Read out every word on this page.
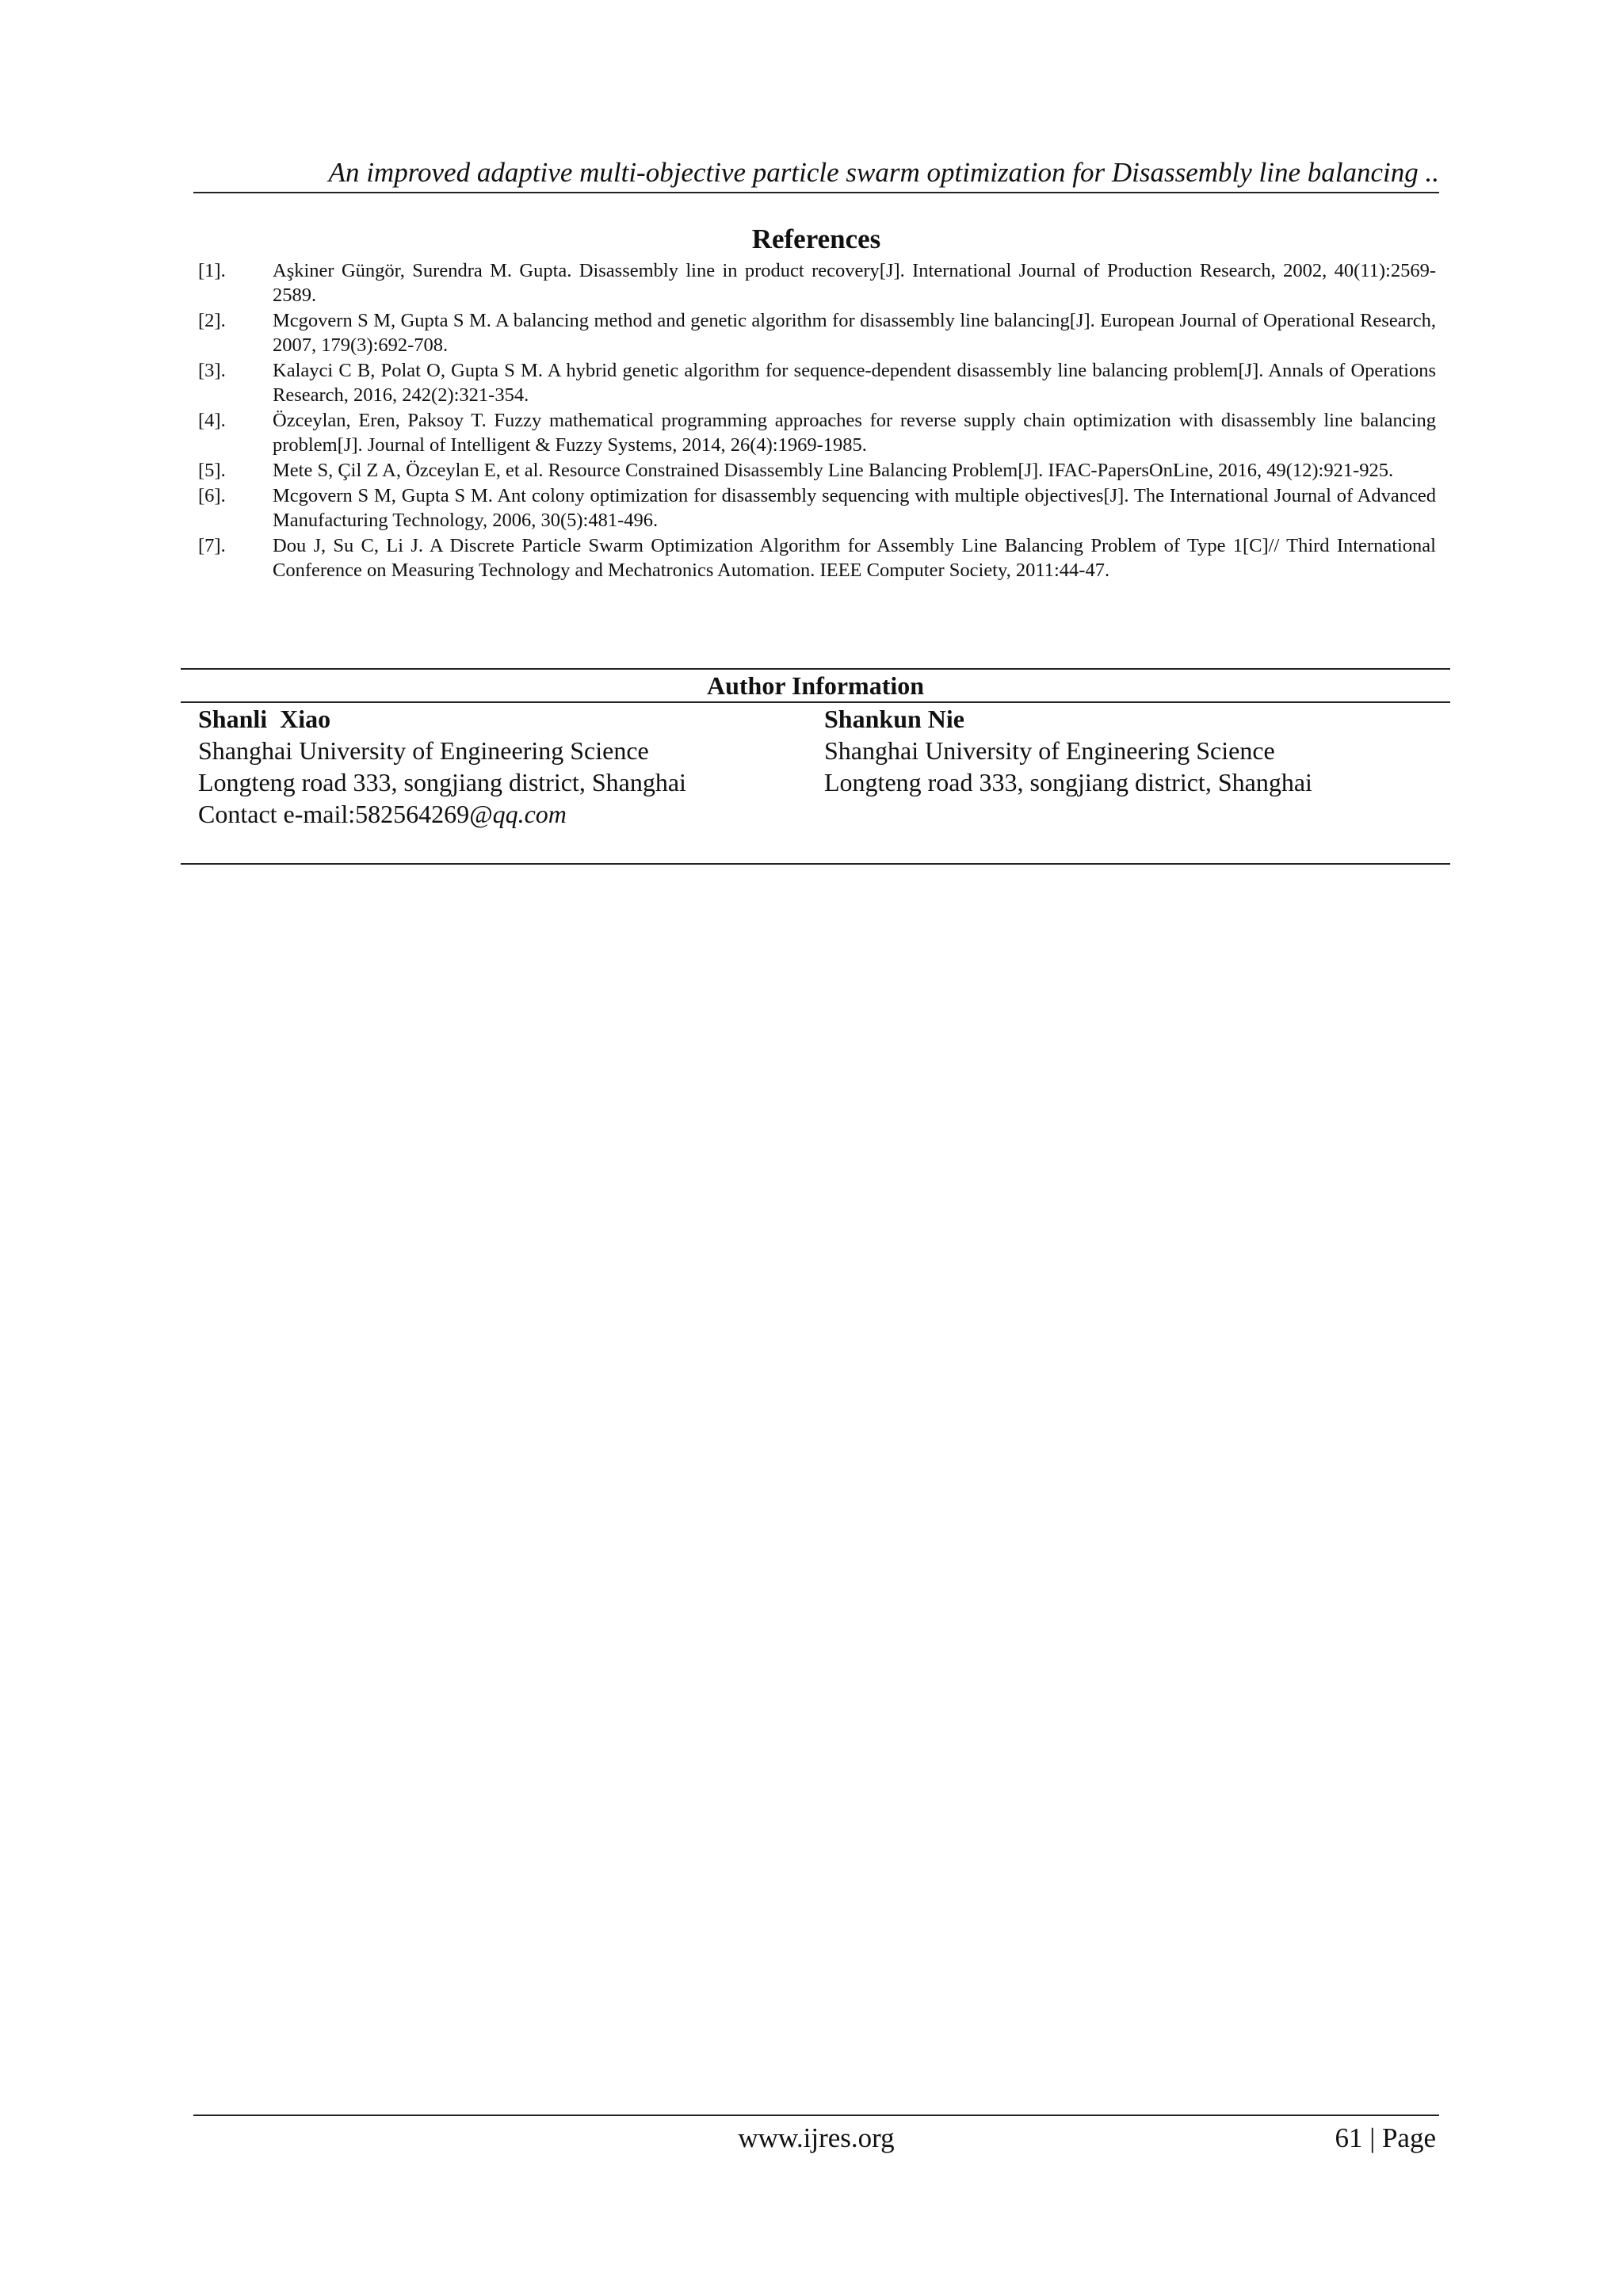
An improved adaptive multi-objective particle swarm optimization for Disassembly line balancing ..
References
[1].	Aşkiner Güngör, Surendra M. Gupta. Disassembly line in product recovery[J]. International Journal of Production Research, 2002, 40(11):2569-2589.
[2].	Mcgovern S M, Gupta S M. A balancing method and genetic algorithm for disassembly line balancing[J]. European Journal of Operational Research, 2007, 179(3):692-708.
[3].	Kalayci C B, Polat O, Gupta S M. A hybrid genetic algorithm for sequence-dependent disassembly line balancing problem[J]. Annals of Operations Research, 2016, 242(2):321-354.
[4].	Özceylan, Eren, Paksoy T. Fuzzy mathematical programming approaches for reverse supply chain optimization with disassembly line balancing problem[J]. Journal of Intelligent & Fuzzy Systems, 2014, 26(4):1969-1985.
[5].	Mete S, Çil Z A, Özceylan E, et al. Resource Constrained Disassembly Line Balancing Problem[J]. IFAC-PapersOnLine, 2016, 49(12):921-925.
[6].	Mcgovern S M, Gupta S M. Ant colony optimization for disassembly sequencing with multiple objectives[J]. The International Journal of Advanced Manufacturing Technology, 2006, 30(5):481-496.
[7].	Dou J, Su C, Li J. A Discrete Particle Swarm Optimization Algorithm for Assembly Line Balancing Problem of Type 1[C]// Third International Conference on Measuring Technology and Mechatronics Automation. IEEE Computer Society, 2011:44-47.
Author Information
Shanli  Xiao
Shanghai University of Engineering Science
Longteng road 333, songjiang district, Shanghai
Contact e-mail:582564269@qq.com
Shankun Nie
Shanghai University of Engineering Science
Longteng road 333, songjiang district, Shanghai
www.ijres.org	61 | Page
